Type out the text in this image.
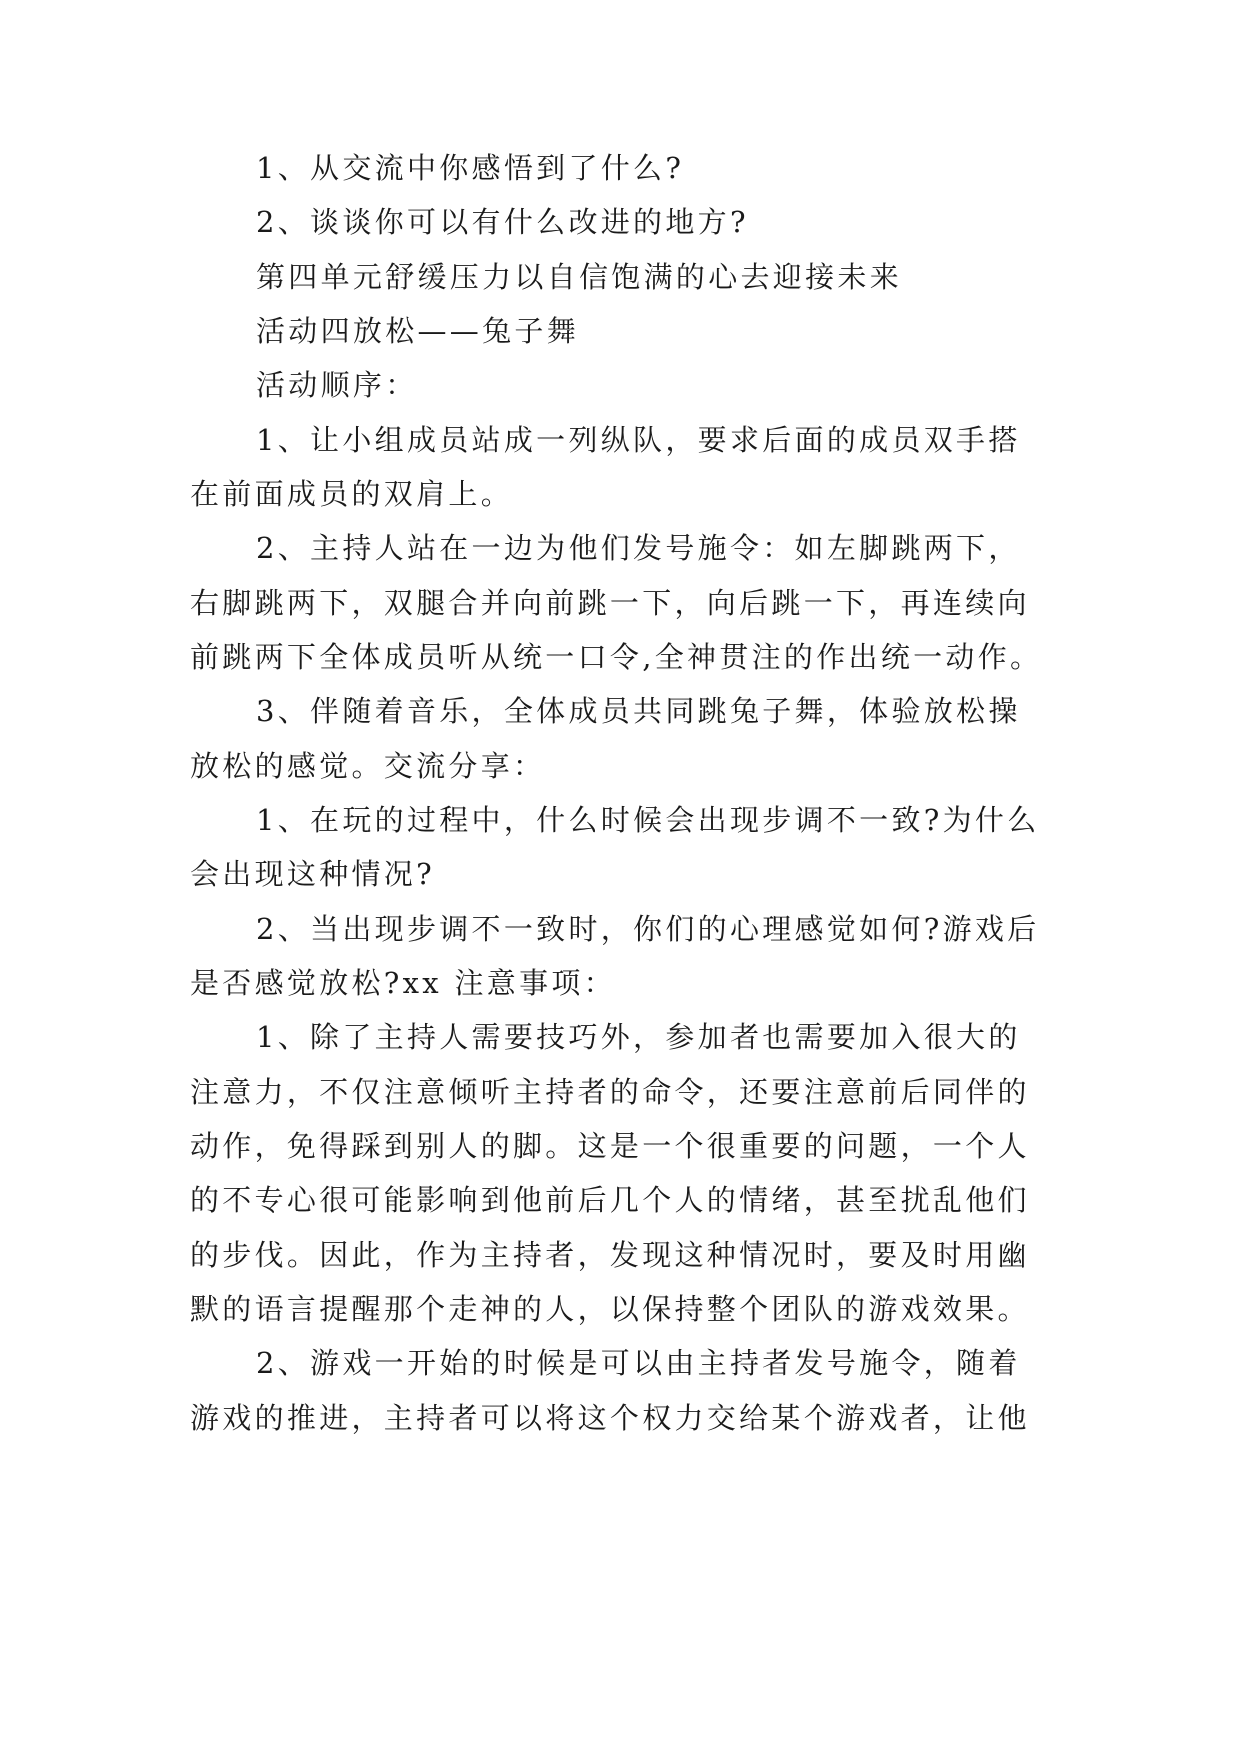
1、从交流中你感悟到了什么?

2、谈谈你可以有什么改进的地方?

第四单元舒缓压力以自信饱满的心去迎接未来

活动四放松——兔子舞

活动顺序：

1、让小组成员站成一列纵队，要求后面的成员双手搭

在前面成员的双肩上。

2、主持人站在一边为他们发号施令：如左脚跳两下，

右脚跳两下，双腿合并向前跳一下，向后跳一下，再连续向

前跳两下全体成员听从统一口令,全神贯注的作出统一动作。

3、伴随着音乐，全体成员共同跳兔子舞，体验放松操

放松的感觉。交流分享：

1、在玩的过程中，什么时候会出现步调不一致?为什么

会出现这种情况?

2、当出现步调不一致时，你们的心理感觉如何?游戏后

是否感觉放松?xx 注意事项：

1、除了主持人需要技巧外，参加者也需要加入很大的

注意力，不仅注意倾听主持者的命令，还要注意前后同伴的

动作，免得踩到别人的脚。这是一个很重要的问题，一个人

的不专心很可能影响到他前后几个人的情绪，甚至扰乱他们

的步伐。因此，作为主持者，发现这种情况时，要及时用幽

默的语言提醒那个走神的人，以保持整个团队的游戏效果。

2、游戏一开始的时候是可以由主持者发号施令，随着

游戏的推进，主持者可以将这个权力交给某个游戏者，让他
